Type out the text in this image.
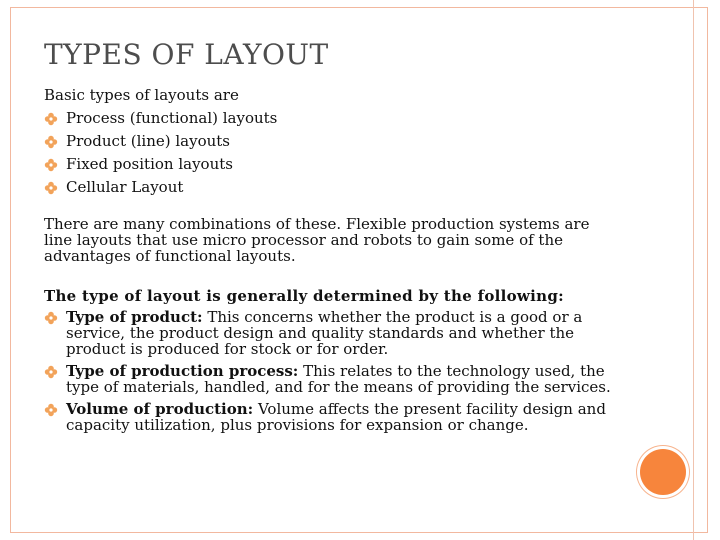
TYPES OF LAYOUT

Basic types of layouts are

Process (functional) layouts
Product (line) layouts
Fixed position layouts
Cellular Layout

There are many combinations of these. Flexible production systems are line layouts that use micro processor and robots to gain some of the advantages of functional layouts.

The type of layout is generally determined by the following:

Type of product: This concerns whether the product is a good or a service, the product design and quality standards and whether the product is produced for stock or for order.
Type of production process: This relates to the technology used, the type of materials, handled, and for the means of providing the services.
Volume of production: Volume affects the present facility design and capacity utilization, plus provisions for expansion or change.
